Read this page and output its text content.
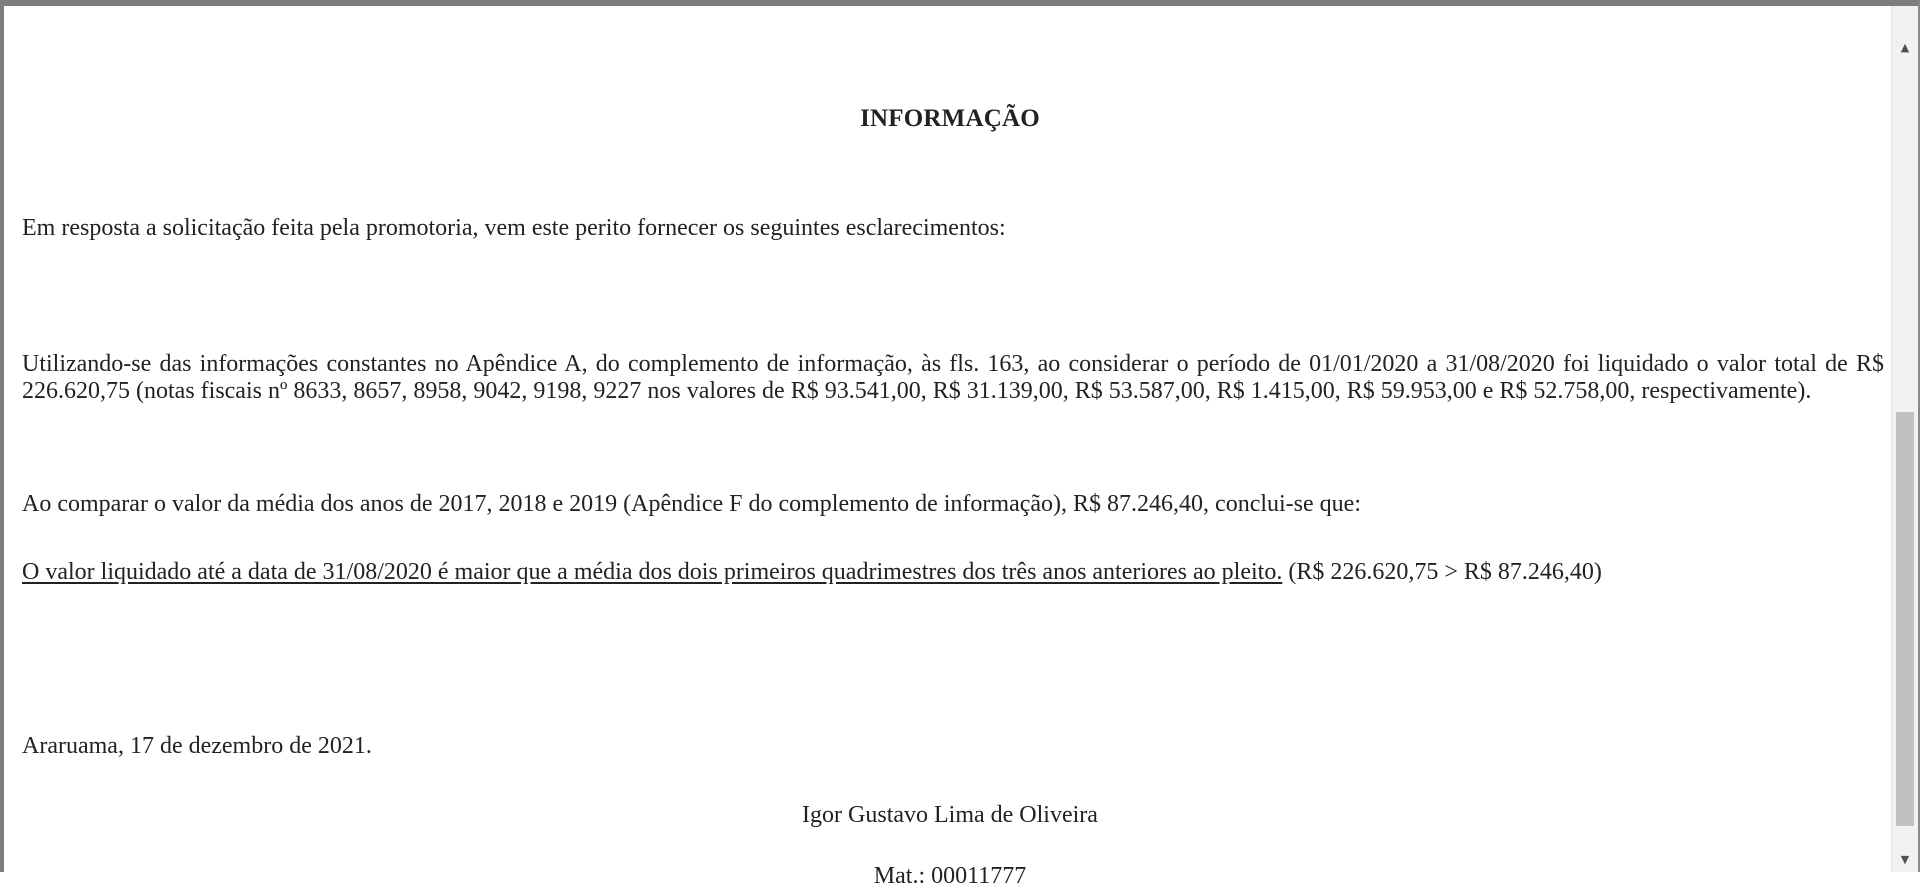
INFORMAÇÃO

Em resposta a solicitação feita pela promotoria, vem este perito fornecer os seguintes esclarecimentos:

Utilizando-se das informações constantes no Apêndice A, do complemento de informação, às fls. 163, ao considerar o período de 01/01/2020 a 31/08/2020 foi liquidado o valor total de R$ 226.620,75 (notas fiscais nº 8633, 8657, 8958, 9042, 9198, 9227 nos valores de R$ 93.541,00, R$ 31.139,00, R$ 53.587,00, R$ 1.415,00, R$ 59.953,00 e R$ 52.758,00, respectivamente).

Ao comparar o valor da média dos anos de 2017, 2018 e 2019 (Apêndice F do complemento de informação), R$ 87.246,40, conclui-se que:

O valor liquidado até a data de 31/08/2020 é maior que a média dos dois primeiros quadrimestres dos três anos anteriores ao pleito. (R$ 226.620,75 > R$ 87.246,40)

Araruama, 17 de dezembro de 2021.

Igor Gustavo Lima de Oliveira
Mat.: 00011777
▲
▼
